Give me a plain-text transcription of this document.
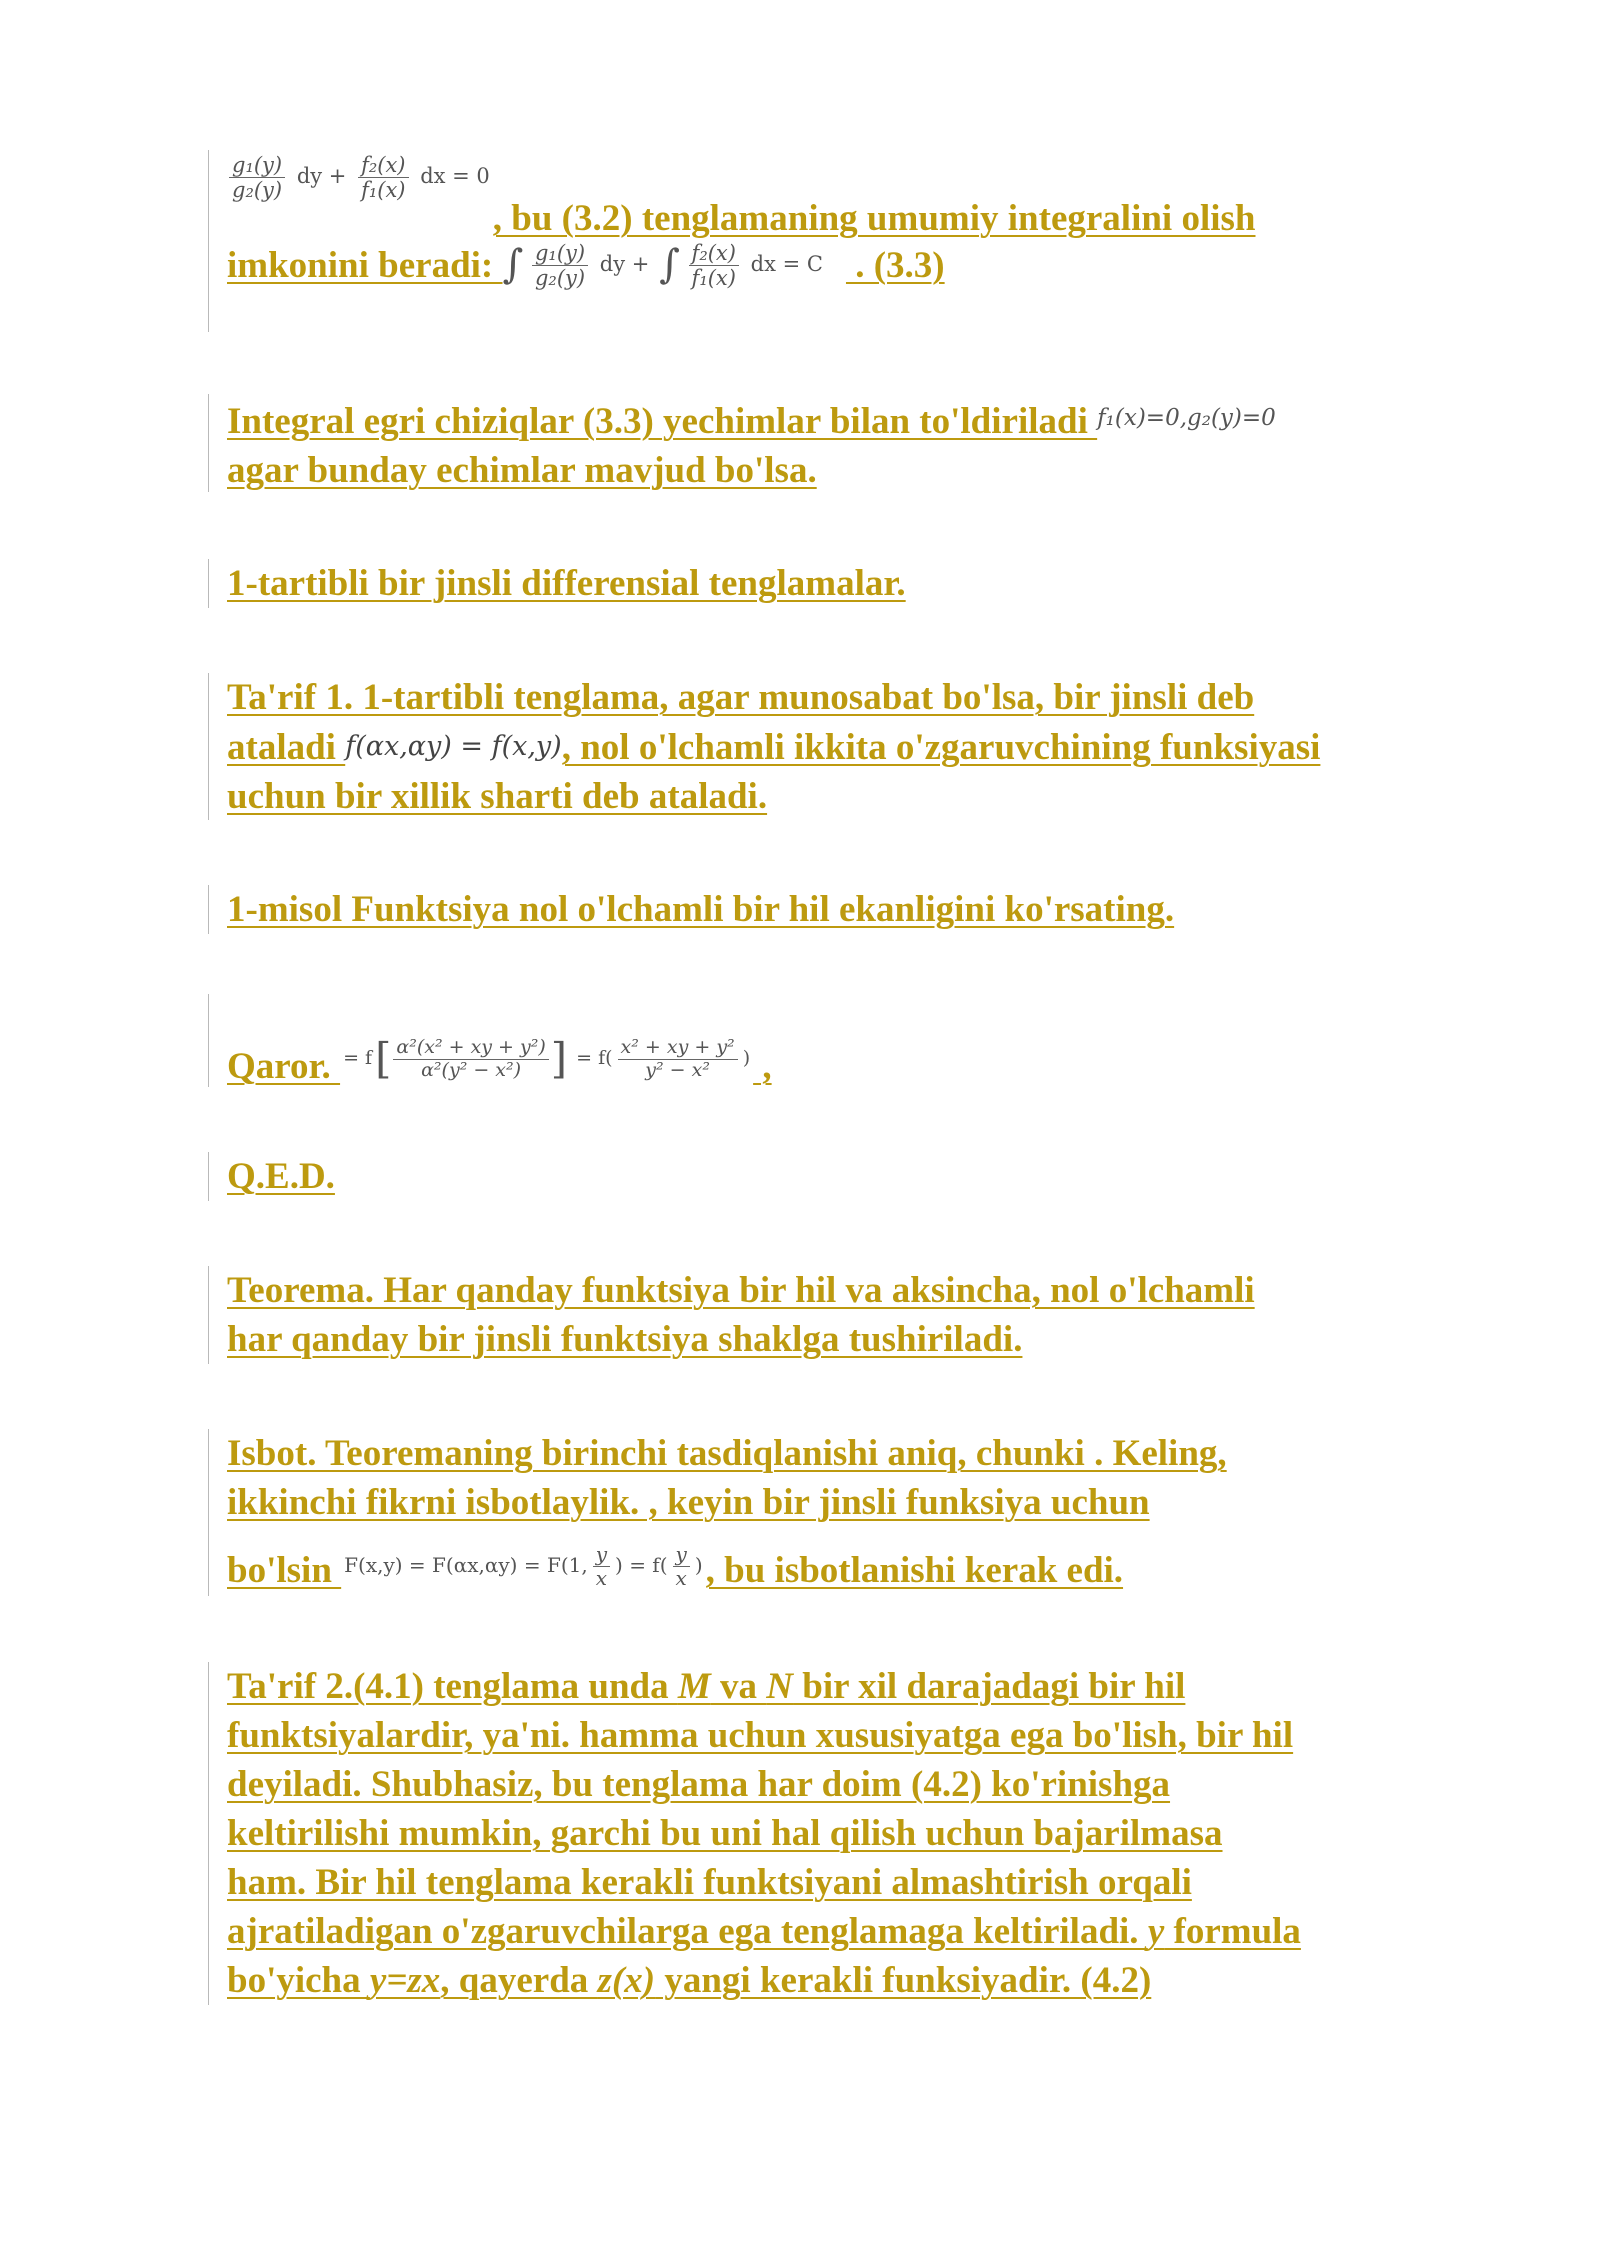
$\frac{\text{g₁(y)}}{\text{g₂(y)}}$ dy + $\frac{\text{f₂(x)}}{\text{f₁(x)}}$ dx = 0, bu (3.2) tenglamaning umumiy integralini olish
imkonini beradi: ∫ $\frac{\text{g₁(y)}}{\text{g₂(y)}}$ dy + ∫ $\frac{\text{f₂(x)}}{\text{f₁(x)}}$ dx = C . (3.3)
Integral egri chiziqlar (3.3) yechimlar bilan to'ldiriladi f₁(x)=0,g₂(y)=0
agar bunday echimlar mavjud bo'lsa.
1-tartibli bir jinsli differensial tenglamalar.
Ta'rif 1. 1-tartibli tenglama, agar munosabat bo'lsa, bir jinsli deb
ataladi f(αx,αy) = f(x,y), nol o'lchamli ikkita o'zgaruvchining funksiyasi
uchun bir xillik sharti deb ataladi.
1-misol Funktsiya nol o'lchamli bir hil ekanligini ko'rsating.
Qaror. = $f[ \frac{\text{α²(x² + xy + y²)}}{\text{α²(y² − x²)}}$ ] = $f( \frac{\text{x² + xy + y²}}{\text{y² − x²}}$ ) ,
Q.E.D.
Teorema. Har qanday funktsiya bir hil va aksincha, nol o'lchamli
har qanday bir jinsli funktsiya shaklga tushiriladi.
Isbot. Teoremaning birinchi tasdiqlanishi aniq, chunki . Keling,
ikkinchi fikrni isbotlaylik. , keyin bir jinsli funksiya uchun
bo'lsin F(x,y) = F(αx,αy) = F(1, $\frac{y}{x}$ ) = $f( \frac{y}{x}$ ), bu isbotlanishi kerak edi.
Ta'rif 2.(4.1) tenglama unda M va N bir xil darajadagi bir hil
funktsiyalardir, ya'ni. hamma uchun xususiyatga ega bo'lish, bir hil
deyiladi. Shubhasiz, bu tenglama har doim (4.2) ko'rinishga
keltirilishi mumkin, garchi bu uni hal qilish uchun bajarilmasa
ham. Bir hil tenglama kerakli funktsiyani almashtirish orqali
ajratiladigan o'zgaruvchilarga ega tenglamaga keltiriladi. y formula
bo'yicha y=zx, qayerda z(x) yangi kerakli funksiyadir. (4.2)
